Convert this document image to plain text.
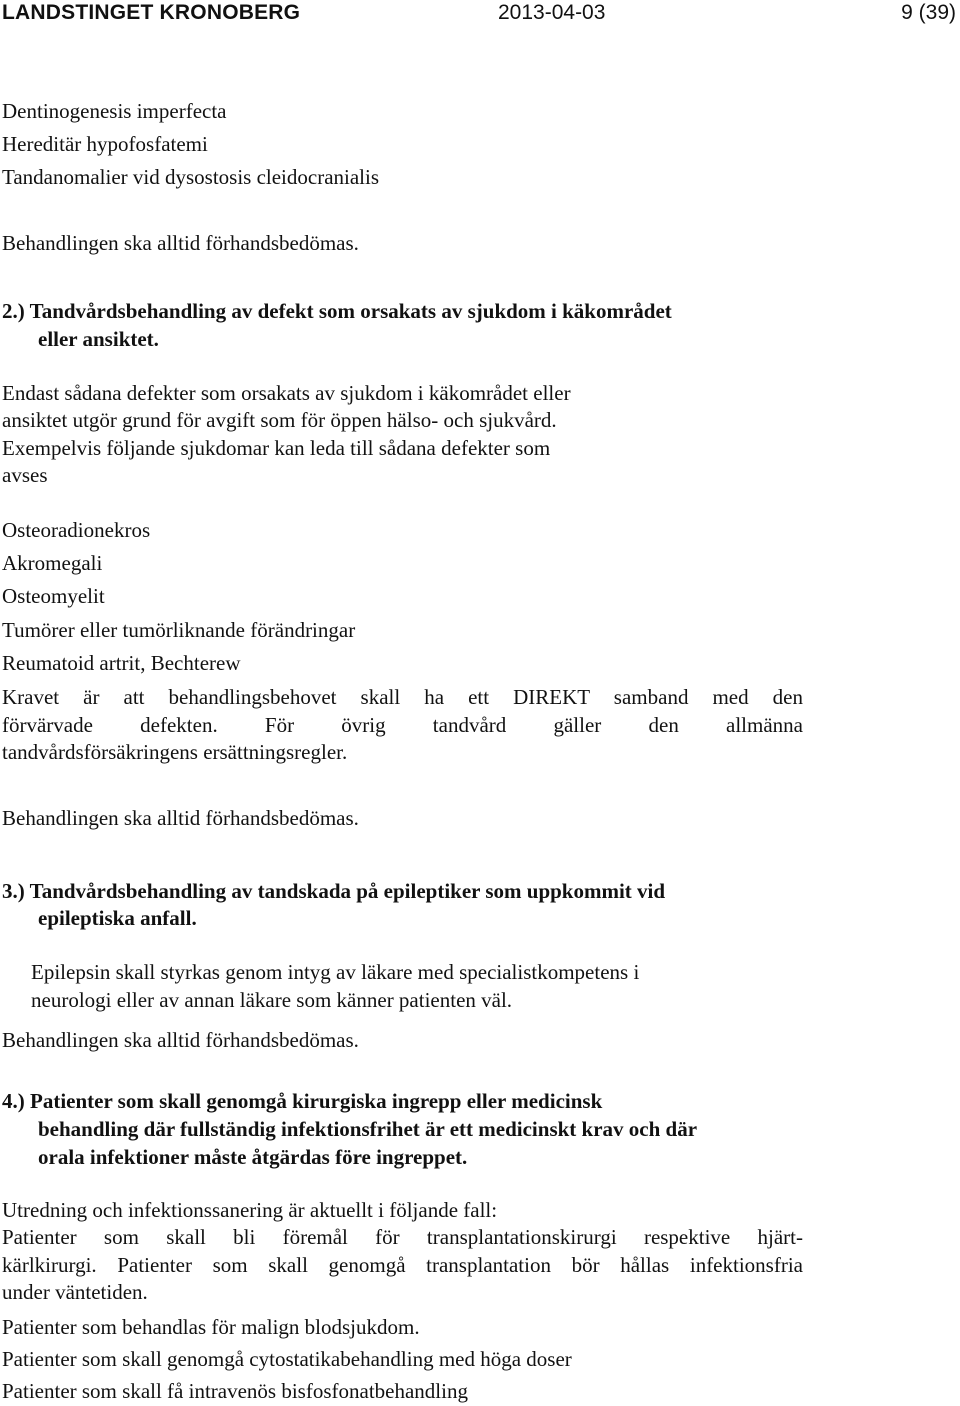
LANDSTINGET KRONOBERG	2013-04-03	9 (39)

Dentinogenesis imperfecta

Hereditär hypofosfatemi

Tandanomalier vid dysostosis cleidocranialis

Behandlingen ska alltid förhandsbedömas.

2.) Tandvårdsbehandling av defekt som orsakats av sjukdom i käkområdet

eller ansiktet.

Endast sådana defekter som orsakats av sjukdom i käkområdet eller

ansiktet utgör grund för avgift som för öppen hälso- och sjukvård.

Exempelvis följande sjukdomar kan leda till sådana defekter som

avses

Osteoradionekros

Akromegali

Osteomyelit

Tumörer eller tumörliknande förändringar

Reumatoid artrit, Bechterew

Kravet är att behandlingsbehovet skall ha ett DIREKT samband med den

förvärvade defekten. För övrig tandvård gäller den allmänna

tandvårdsförsäkringens ersättningsregler.

Behandlingen ska alltid förhandsbedömas.

3.) Tandvårdsbehandling av tandskada på epileptiker som uppkommit vid

epileptiska anfall.

Epilepsin skall styrkas genom intyg av läkare med specialistkompetens i

neurologi eller av annan läkare som känner patienten väl.

Behandlingen ska alltid förhandsbedömas.

4.) Patienter som skall genomgå kirurgiska ingrepp eller medicinsk

behandling där fullständig infektionsfrihet är ett medicinskt krav och där

orala infektioner måste åtgärdas före ingreppet.

Utredning och infektionssanering är aktuellt i följande fall:

Patienter som skall bli föremål för transplantationskirurgi respektive hjärt-

kärlkirurgi. Patienter som skall genomgå transplantation bör hållas infektionsfria

under väntetiden.

Patienter som behandlas för malign blodsjukdom.

Patienter som skall genomgå cytostatikabehandling med höga doser

Patienter som skall få intravenös bisfosfonatbehandling
